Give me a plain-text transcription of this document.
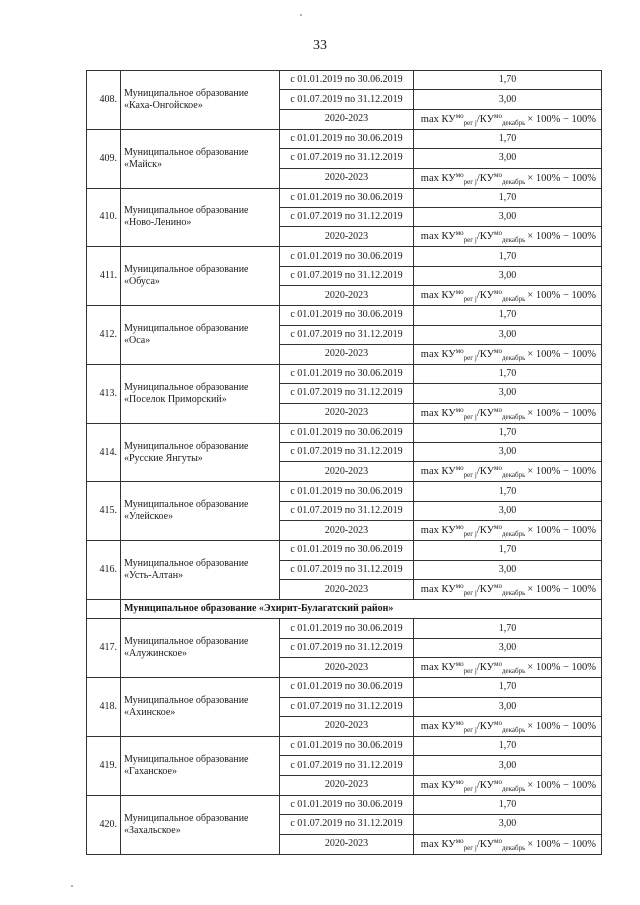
33
408.	Муниципальное образование
«Каха-Онгойское»	с 01.01.2019 по 30.06.2019	1,70
		с 01.07.2019 по 31.12.2019	3,00
		2020-2023	$\max КУ^{мо}_{рег j}/КУ^{мо}_{декабрь} \times 100\% - 100\%$
409.	Муниципальное образование
«Майск»	с 01.01.2019 по 30.06.2019	1,70
		с 01.07.2019 по 31.12.2019	3,00
		2020-2023	$\max КУ^{мо}_{рег j}/КУ^{мо}_{декабрь} \times 100\% - 100\%$
410.	Муниципальное образование
«Ново-Ленино»	с 01.01.2019 по 30.06.2019	1,70
		с 01.07.2019 по 31.12.2019	3,00
		2020-2023	$\max КУ^{мо}_{рег j}/КУ^{мо}_{декабрь} \times 100\% - 100\%$
411.	Муниципальное образование
«Обуса»	с 01.01.2019 по 30.06.2019	1,70
		с 01.07.2019 по 31.12.2019	3,00
		2020-2023	$\max КУ^{мо}_{рег j}/КУ^{мо}_{декабрь} \times 100\% - 100\%$
412.	Муниципальное образование
«Оса»	с 01.01.2019 по 30.06.2019	1,70
		с 01.07.2019 по 31.12.2019	3,00
		2020-2023	$\max КУ^{мо}_{рег j}/КУ^{мо}_{декабрь} \times 100\% - 100\%$
413.	Муниципальное образование
«Поселок Приморский»	с 01.01.2019 по 30.06.2019	1,70
		с 01.07.2019 по 31.12.2019	3,00
		2020-2023	$\max КУ^{мо}_{рег j}/КУ^{мо}_{декабрь} \times 100\% - 100\%$
414.	Муниципальное образование
«Русские Янгуты»	с 01.01.2019 по 30.06.2019	1,70
		с 01.07.2019 по 31.12.2019	3,00
		2020-2023	$\max КУ^{мо}_{рег j}/КУ^{мо}_{декабрь} \times 100\% - 100\%$
415.	Муниципальное образование
«Улейское»	с 01.01.2019 по 30.06.2019	1,70
		с 01.07.2019 по 31.12.2019	3,00
		2020-2023	$\max КУ^{мо}_{рег j}/КУ^{мо}_{декабрь} \times 100\% - 100\%$
416.	Муниципальное образование
«Усть-Алтан»	с 01.01.2019 по 30.06.2019	1,70
		с 01.07.2019 по 31.12.2019	3,00
		2020-2023	$\max КУ^{мо}_{рег j}/КУ^{мо}_{декабрь} \times 100\% - 100\%$
	Муниципальное образование «Эхирит-Булагатский район»		
417.	Муниципальное образование
«Алужинское»	с 01.01.2019 по 30.06.2019	1,70
		с 01.07.2019 по 31.12.2019	3,00
		2020-2023	$\max КУ^{мо}_{рег j}/КУ^{мо}_{декабрь} \times 100\% - 100\%$
418.	Муниципальное образование
«Ахинское»	с 01.01.2019 по 30.06.2019	1,70
		с 01.07.2019 по 31.12.2019	3,00
		2020-2023	$\max КУ^{мо}_{рег j}/КУ^{мо}_{декабрь} \times 100\% - 100\%$
419.	Муниципальное образование
«Гаханское»	с 01.01.2019 по 30.06.2019	1,70
		с 01.07.2019 по 31.12.2019	3,00
		2020-2023	$\max КУ^{мо}_{рег j}/КУ^{мо}_{декабрь} \times 100\% - 100\%$
420.	Муниципальное образование
«Захальское»	с 01.01.2019 по 30.06.2019	1,70
		с 01.07.2019 по 31.12.2019	3,00
		2020-2023	$\max КУ^{мо}_{рег j}/КУ^{мо}_{декабрь} \times 100\% - 100\%$
